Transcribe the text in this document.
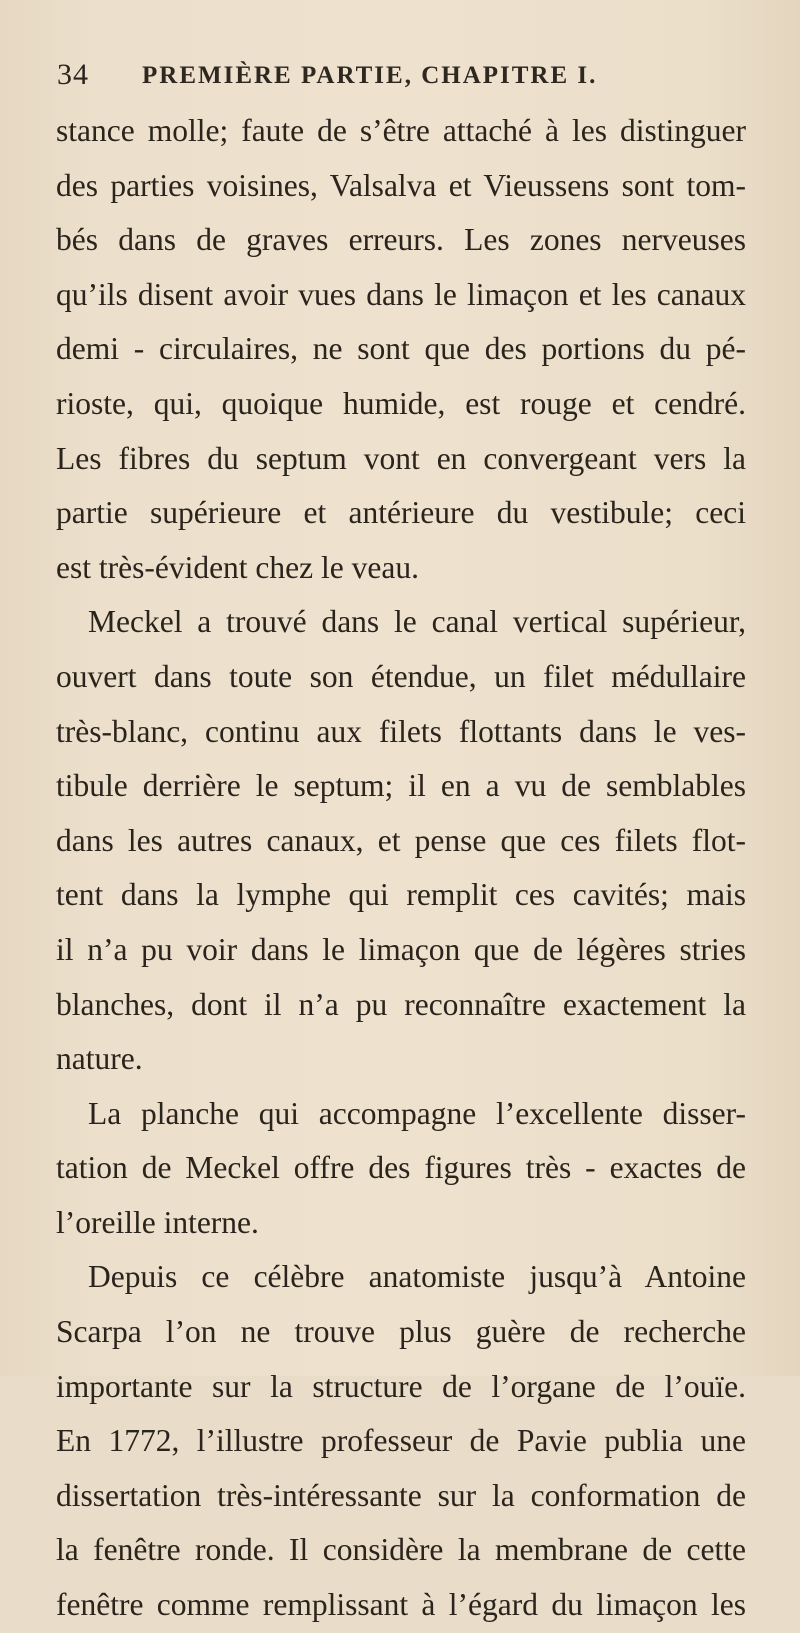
34 PREMIÈRE PARTIE, CHAPITRE I.
stance molle; faute de s’être attaché à les distinguer
des parties voisines, Valsalva et Vieussens sont tom-
bés dans de graves erreurs. Les zones nerveuses
qu’ils disent avoir vues dans le limaçon et les canaux
demi - circulaires, ne sont que des portions du pé-
rioste, qui, quoique humide, est rouge et cendré.
Les fibres du septum vont en convergeant vers la
partie supérieure et antérieure du vestibule; ceci
est très-évident chez le veau.
Meckel a trouvé dans le canal vertical supérieur,
ouvert dans toute son étendue, un filet médullaire
très-blanc, continu aux filets flottants dans le ves-
tibule derrière le septum; il en a vu de semblables
dans les autres canaux, et pense que ces filets flot-
tent dans la lymphe qui remplit ces cavités; mais
il n’a pu voir dans le limaçon que de légères stries
blanches, dont il n’a pu reconnaître exactement la
nature.
La planche qui accompagne l’excellente disser-
tation de Meckel offre des figures très - exactes de
l’oreille interne.
Depuis ce célèbre anatomiste jusqu’à Antoine
Scarpa l’on ne trouve plus guère de recherche
importante sur la structure de l’organe de l’ouïe.
En 1772, l’illustre professeur de Pavie publia une
dissertation très-intéressante sur la conformation de
la fenêtre ronde. Il considère la membrane de cette
fenêtre comme remplissant à l’égard du limaçon les
